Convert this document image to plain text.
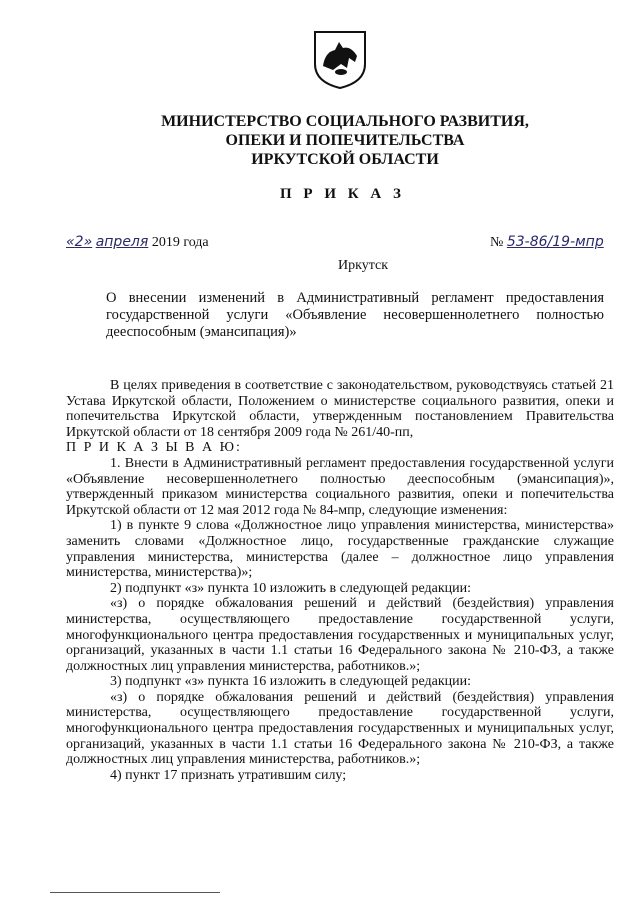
МИНИСТЕРСТВО СОЦИАЛЬНОГО РАЗВИТИЯ,
ОПЕКИ И ПОПЕЧИТЕЛЬСТВА
ИРКУТСКОЙ ОБЛАСТИ
П Р И К А З
«2» апреля 2019 года	№ 53-86/19-мпр
Иркутск
О внесении изменений в Административный регламент предоставления государственной услуги «Объявление несовершеннолетнего полностью дееспособным (эмансипация)»

В целях приведения в соответствие с законодательством, руководствуясь статьей 21 Устава Иркутской области, Положением о министерстве социального развития, опеки и попечительства Иркутской области, утвержденным постановлением Правительства Иркутской области от 18 сентября 2009 года № 261/40-пп,

П Р И К А З Ы В А Ю:

1. Внести в Административный регламент предоставления государственной услуги «Объявление несовершеннолетнего полностью дееспособным (эмансипация)», утвержденный приказом министерства социального развития, опеки и попечительства Иркутской области от 12 мая 2012 года № 84-мпр, следующие изменения:

1) в пункте 9 слова «Должностное лицо управления министерства, министерства» заменить словами «Должностное лицо, государственные гражданские служащие управления министерства, министерства (далее – должностное лицо управления министерства, министерства)»;

2) подпункт «з» пункта 10 изложить в следующей редакции:

«з) о порядке обжалования решений и действий (бездействия) управления министерства, осуществляющего предоставление государственной услуги, многофункционального центра предоставления государственных и муниципальных услуг, организаций, указанных в части 1.1 статьи 16 Федерального закона № 210-ФЗ, а также должностных лиц управления министерства, работников.»;

3) подпункт «з» пункта 16 изложить в следующей редакции:

«з) о порядке обжалования решений и действий (бездействия) управления министерства, осуществляющего предоставление государственной услуги, многофункционального центра предоставления государственных и муниципальных услуг, организаций, указанных в части 1.1 статьи 16 Федерального закона № 210-ФЗ, а также должностных лиц управления министерства, работников.»;

4) пункт 17 признать утратившим силу;
